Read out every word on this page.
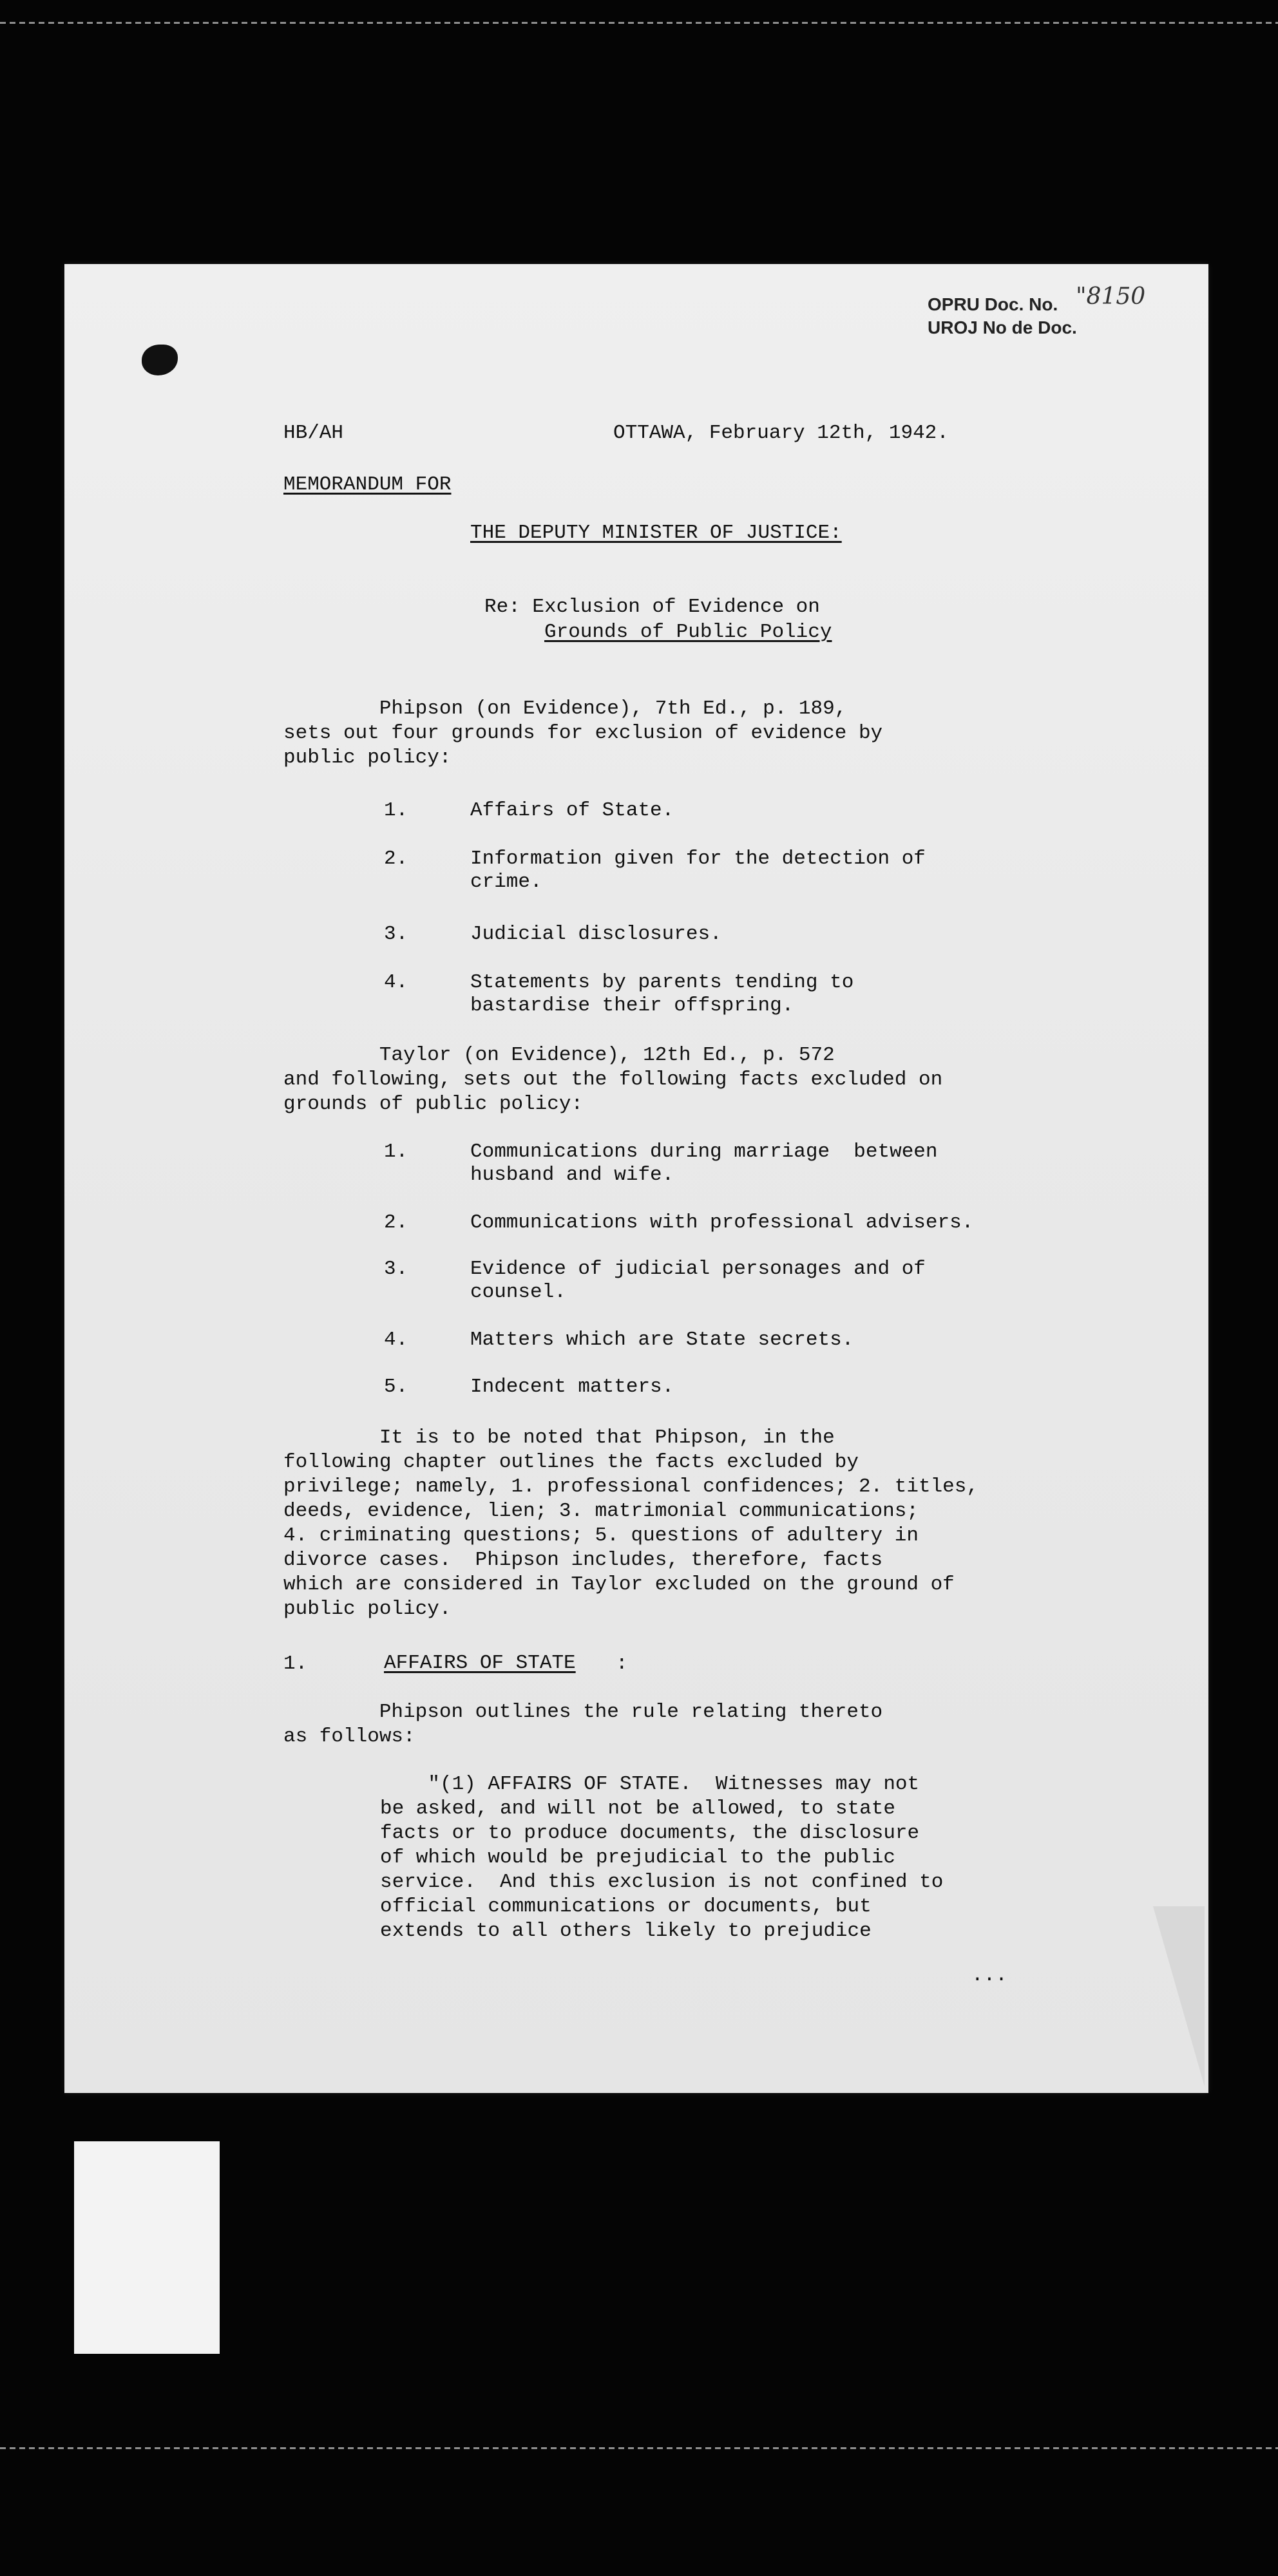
OPRU Doc. No.
UROJ No de Doc.
"8150
HB/AH	OTTAWA, February 12th, 1942.
MEMORANDUM FOR
THE DEPUTY MINISTER OF JUSTICE:
Re: Exclusion of Evidence on
Grounds of Public Policy
Phipson (on Evidence), 7th Ed., p. 189,
sets out four grounds for exclusion of evidence by
public policy:
1.	Affairs of State.
2.	Information given for the detection of
crime.
3.	Judicial disclosures.
4.	Statements by parents tending to
bastardise their offspring.
Taylor (on Evidence), 12th Ed., p. 572
and following, sets out the following facts excluded on
grounds of public policy:
1.	Communications during marriage  between
husband and wife.
2.	Communications with professional advisers.
3.	Evidence of judicial personages and of
counsel.
4.	Matters which are State secrets.
5.	Indecent matters.
It is to be noted that Phipson, in the
following chapter outlines the facts excluded by
privilege; namely, 1. professional confidences; 2. titles,
deeds, evidence, lien; 3. matrimonial communications;
4. criminating questions; 5. questions of adultery in
divorce cases.  Phipson includes, therefore, facts
which are considered in Taylor excluded on the ground of
public policy.
1.	AFFAIRS OF STATE :
Phipson outlines the rule relating thereto
as follows:
"(1) AFFAIRS OF STATE.  Witnesses may not
be asked, and will not be allowed, to state
facts or to produce documents, the disclosure
of which would be prejudicial to the public
service.  And this exclusion is not confined to
official communications or documents, but
extends to all others likely to prejudice
...
